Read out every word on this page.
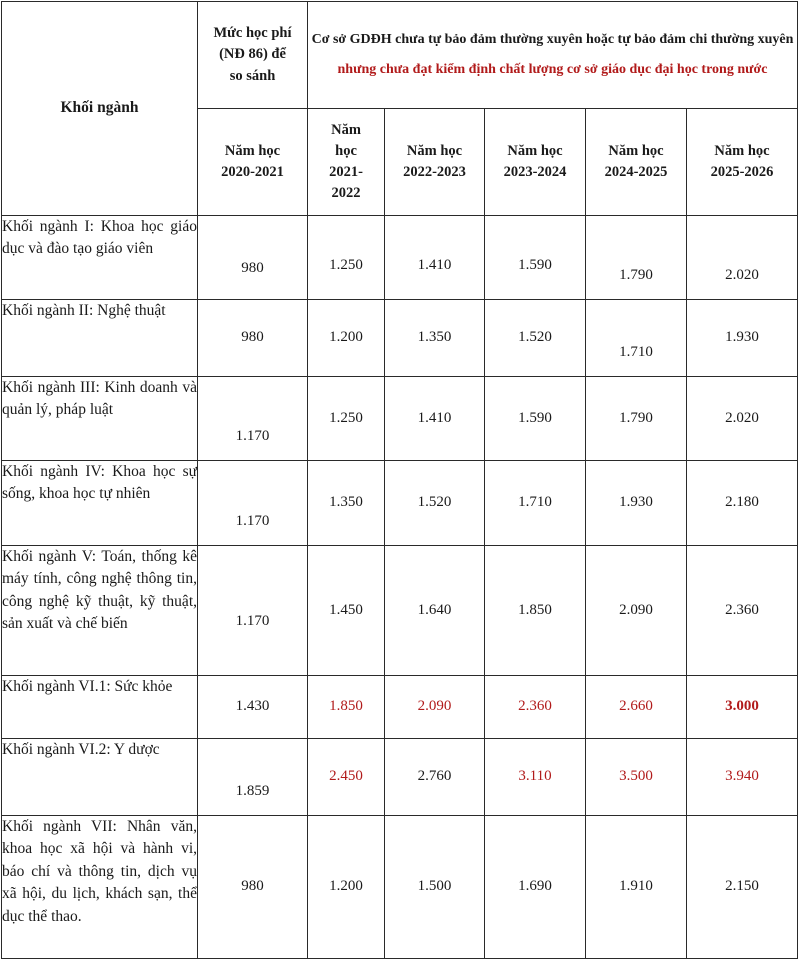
Khối ngành	Mức học phí (NĐ 86) để so sánh	Cơ sở GDĐH chưa tự bảo đảm thường xuyên hoặc tự bảo đảm chi thường xuyên nhưng chưa đạt kiểm định chất lượng cơ sở giáo dục đại học trong nước				
	Năm học 2020-2021	Năm học 2021-2022	Năm học 2022-2023	Năm học 2023-2024	Năm học 2024-2025	Năm học 2025-2026
Khối ngành I: Khoa học giáo dục và đào tạo giáo viên	980	1.250	1.410	1.590	1.790	2.020
Khối ngành II: Nghệ thuật	980	1.200	1.350	1.520	1.710	1.930
Khối ngành III: Kinh doanh và quản lý, pháp luật	1.170	1.250	1.410	1.590	1.790	2.020
Khối ngành IV: Khoa học sự sống, khoa học tự nhiên	1.170	1.350	1.520	1.710	1.930	2.180
Khối ngành V: Toán, thống kê máy tính, công nghệ thông tin, công nghệ kỹ thuật, kỹ thuật, sản xuất và chế biến	1.170	1.450	1.640	1.850	2.090	2.360
Khối ngành VI.1: Sức khỏe	1.430	1.850	2.090	2.360	2.660	3.000
Khối ngành VI.2: Y dược	1.859	2.450	2.760	3.110	3.500	3.940
Khối ngành VII: Nhân văn, khoa học xã hội và hành vi, báo chí và thông tin, dịch vụ xã hội, du lịch, khách sạn, thể dục thể thao.	980	1.200	1.500	1.690	1.910	2.150
